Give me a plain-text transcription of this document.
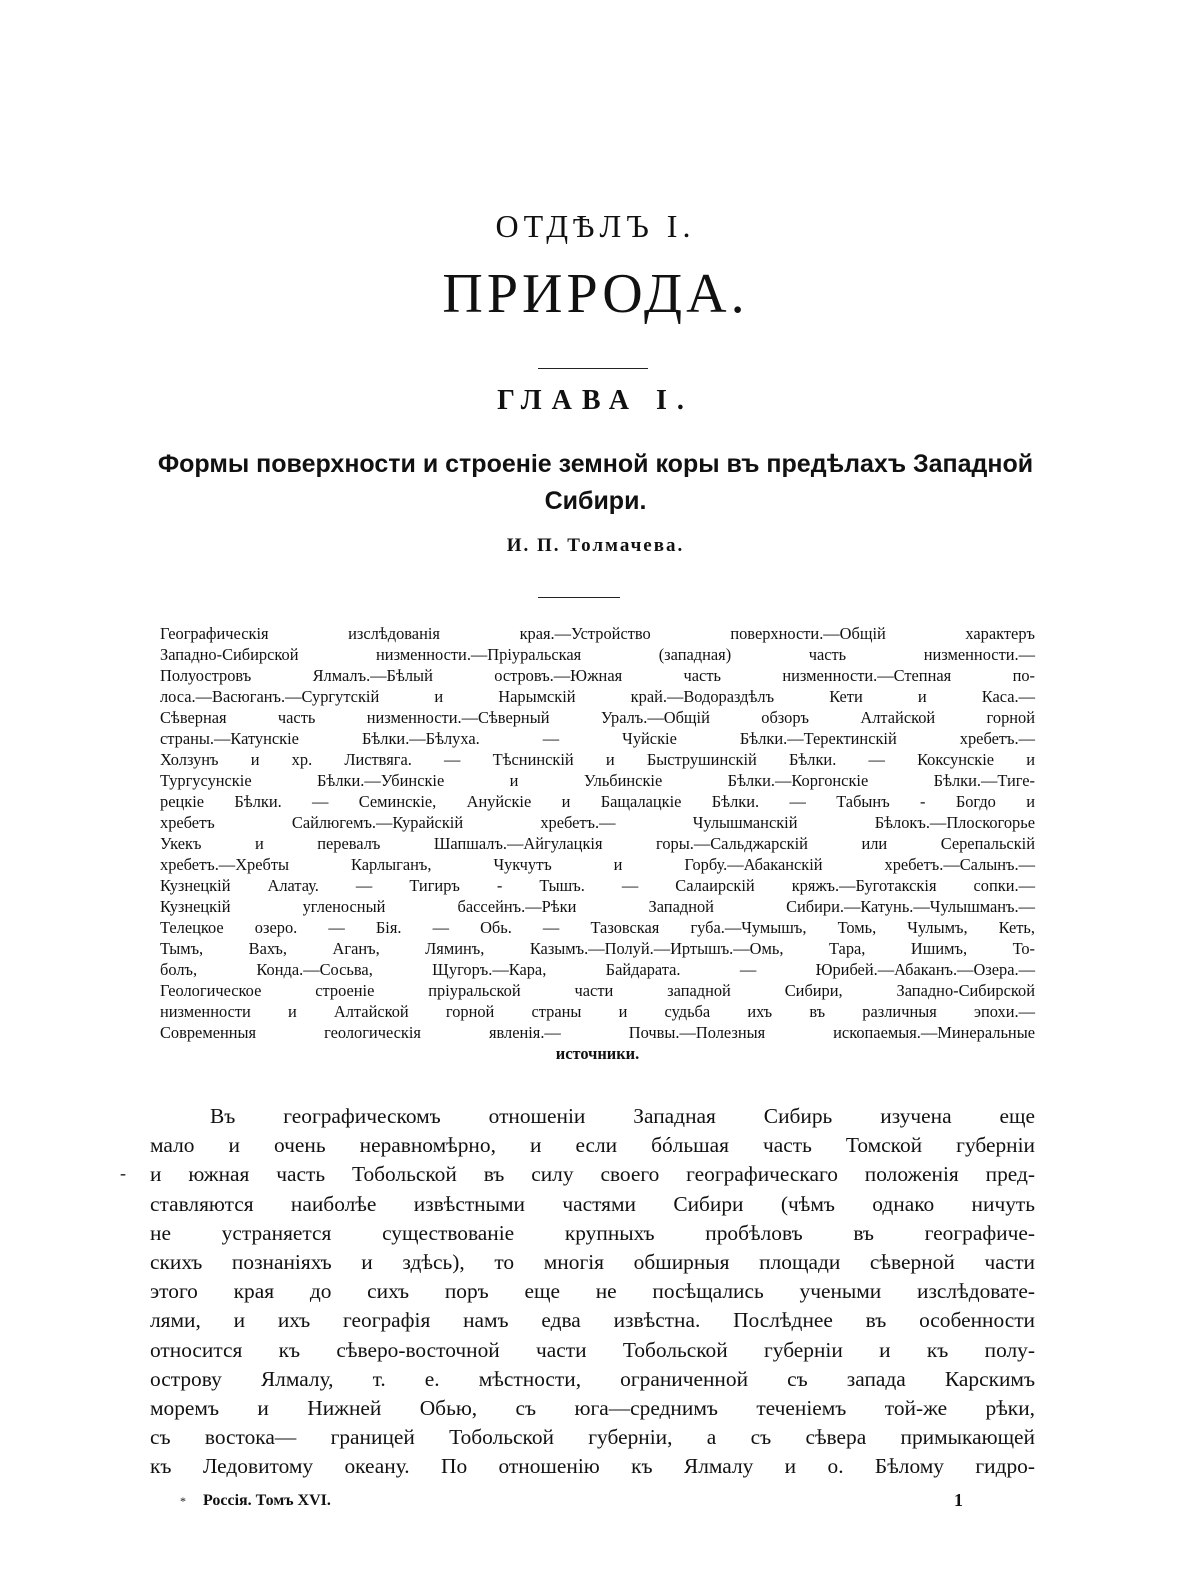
ОТДѢЛЪ I.
ПРИРОДА.
ГЛАВА I.
Формы поверхности и строеніе земной коры въ предѣлахъ Западной
Сибири.
И. П. Толмачева.
Географическія изслѣдованія края.—Устройство поверхности.—Общій характеръ
Западно-Сибирской низменности.—Пріуральская (западная) часть низменности.—
Полуостровъ Ялмалъ.—Бѣлый островъ.—Южная часть низменности.—Степная по-
лоса.—Васюганъ.—Сургутскій и Нарымскій край.—Водораздѣлъ Кети и Каса.—
Сѣверная часть низменности.—Сѣверный Уралъ.—Общій обзоръ Алтайской горной
страны.—Катунскіе Бѣлки.—Бѣлуха. — Чуйскіе Бѣлки.—Теректинскій хребетъ.—
Холзунъ и хр. Листвяга. — Тѣснинскій и Быструшинскій Бѣлки. — Коксунскіе и
Тургусунскіе Бѣлки.—Убинскіе и Ульбинскіе Бѣлки.—Коргонскіе Бѣлки.—Тиге-
рецкіе Бѣлки. — Семинскіе, Ануйскіе и Бащалацкіе Бѣлки. — Табынъ - Богдо и
хребетъ Сайлюгемъ.—Курайскій хребетъ.— Чулышманскій Бѣлокъ.—Плоскогорье
Укекъ и перевалъ Шапшалъ.—Айгулацкія горы.—Сальджарскій или Серепальскій
хребетъ.—Хребты Карлыганъ, Чукчутъ и Горбу.—Абаканскій хребетъ.—Салынъ.—
Кузнецкій Алатау. — Тигиръ - Тышъ. — Салаирскій кряжъ.—Буготакскія сопки.—
Кузнецкій угленосный бассейнъ.—Рѣки Западной Сибири.—Катунь.—Чулышманъ.—
Телецкое озеро. — Бія. — Обь. — Тазовская губа.—Чумышъ, Томь, Чулымъ, Кеть,
Тымъ, Вахъ, Аганъ, Ляминъ, Казымъ.—Полуй.—Иртышъ.—Омь, Тара, Ишимъ, То-
болъ, Конда.—Сосьва, Щугоръ.—Кара, Байдарата. — Юрибей.—Абаканъ.—Озера.—
Геологическое строеніе пріуральской части западной Сибири, Западно-Сибирской
низменности и Алтайской горной страны и судьба ихъ въ различныя эпохи.—
Современныя геологическія явленія.— Почвы.—Полезныя ископаемыя.—Минеральные
источники.
-
Въ географическомъ отношеніи Западная Сибирь изучена еще
мало и очень неравномѣрно, и если бóльшая часть Томской губерніи
и южная часть Тобольской въ силу своего географическаго положенія пред-
ставляются наиболѣе извѣстными частями Сибири (чѣмъ однако ничуть
не устраняется существованіе крупныхъ пробѣловъ въ географиче-
скихъ познаніяхъ и здѣсь), то многія обширныя площади сѣверной части
этого края до сихъ поръ еще не посѣщались учеными изслѣдовате-
лями, и ихъ географія намъ едва извѣстна. Послѣднее въ особенности
относится къ сѣверо-восточной части Тобольской губерніи и къ полу-
острову Ялмалу, т. е. мѣстности, ограниченной съ запада Карскимъ
моремъ и Нижней Обью, съ юга—среднимъ теченіемъ той-же рѣки,
съ востока— границей Тобольской губерніи, а съ сѣвера примыкающей
къ Ледовитому океану. По отношенію къ Ялмалу и о. Бѣлому гидро-
* Россія. Томъ XVI.	1
